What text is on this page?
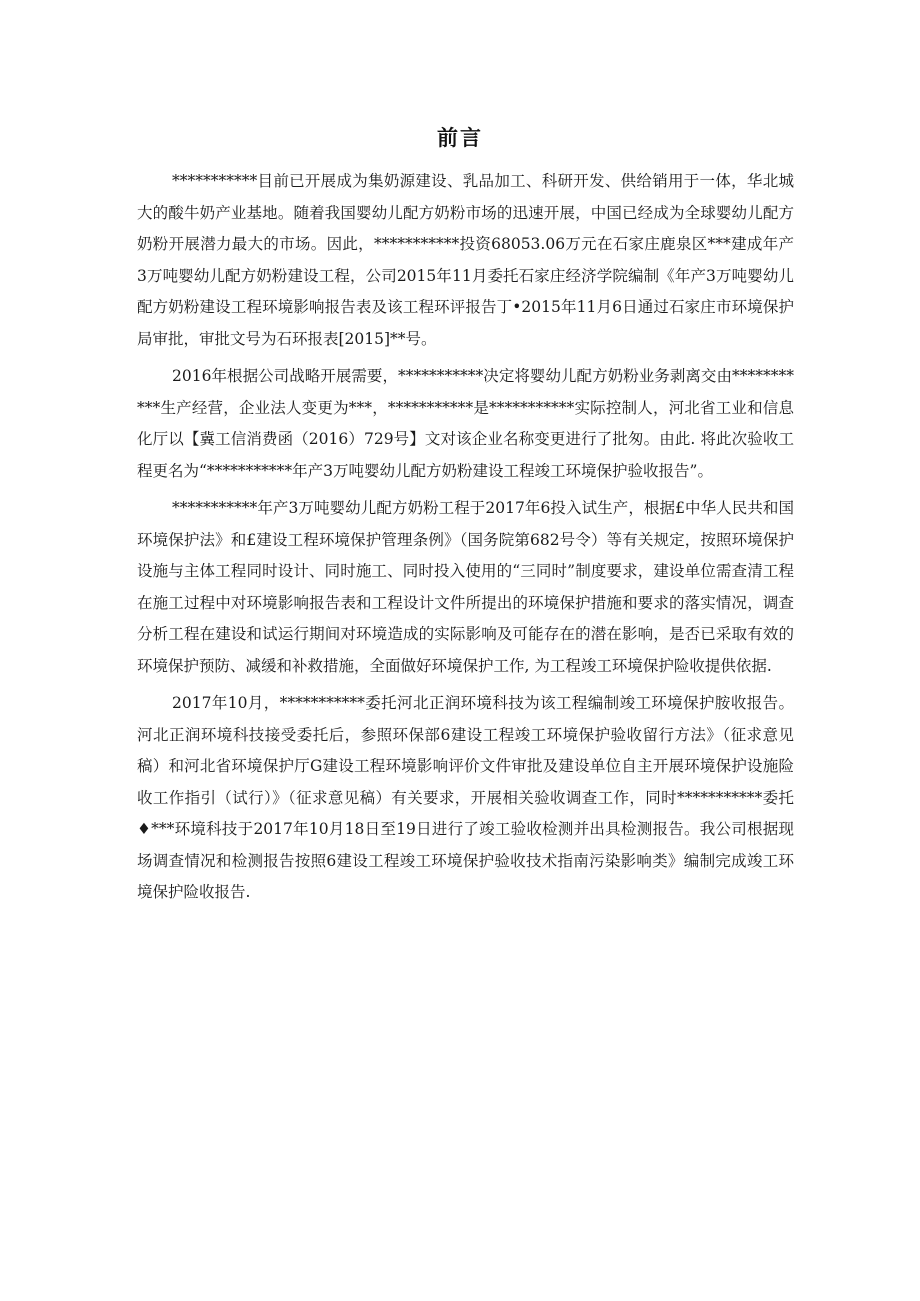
前言

***********目前已开展成为集奶源建设、乳品加工、科研开发、供给销用于一体，华北城大的酸牛奶产业基地。随着我国婴幼儿配方奶粉市场的迅速开展，中国已经成为全球婴幼儿配方奶粉开展潜力最大的市场。因此，***********投资68053.06万元在石家庄鹿泉区***建成年产3万吨婴幼儿配方奶粉建设工程，公司2015年11月委托石家庄经济学院编制《年产3万吨婴幼儿配方奶粉建设工程环境影响报告表及该工程环评报告丁•2015年11月6日通过石家庄市环境保护局审批，审批文号为石环报表[2015]**号。

2016年根据公司战略开展需要，***********决定将婴幼儿配方奶粉业务剥离交由***********生产经营，企业法人变更为***，***********是***********实际控制人，河北省工业和信息化厅以【冀工信消费函（2016）729号】文对该企业名称变更进行了批匆。由此. 将此次验收工程更名为“***********年产3万吨婴幼儿配方奶粉建设工程竣工环境保护验收报告”。

***********年产3万吨婴幼儿配方奶粉工程于2017年6投入试生产，根据£中华人民共和国环境保护法》和£建设工程环境保护管理条例》（国务院第682号令）等有关规定，按照环境保护设施与主体工程同时设计、同时施工、同时投入使用的“三同时”制度要求，建设单位需查清工程在施工过程中对环境影响报告表和工程设计文件所提出的环境保护措施和要求的落实情况，调查分析工程在建设和试运行期间对环境造成的实际影响及可能存在的潜在影响，是否已采取有效的环境保护预防、减缓和补救措施，全面做好环境保护工作, 为工程竣工环境保护险收提供依据.

2017年10月，***********委托河北正润环境科技为该工程编制竣工环境保护胺收报告。河北正润环境科技接受委托后，参照环保部6建设工程竣工环境保护验收留行方法》（征求意见稿）和河北省环境保护厅G建设工程环境影响评价文件审批及建设单位自主开展环境保护设施险收工作指引（试行）》（征求意见稿）有关要求，开展相关验收调查工作，同时***********委托♦***环境科技于2017年10月18日至19日进行了竣工验收检测并出具检测报告。我公司根据现场调查情况和检测报告按照6建设工程竣工环境保护验收技术指南污染影响类》编制完成竣工环境保护险收报告.
